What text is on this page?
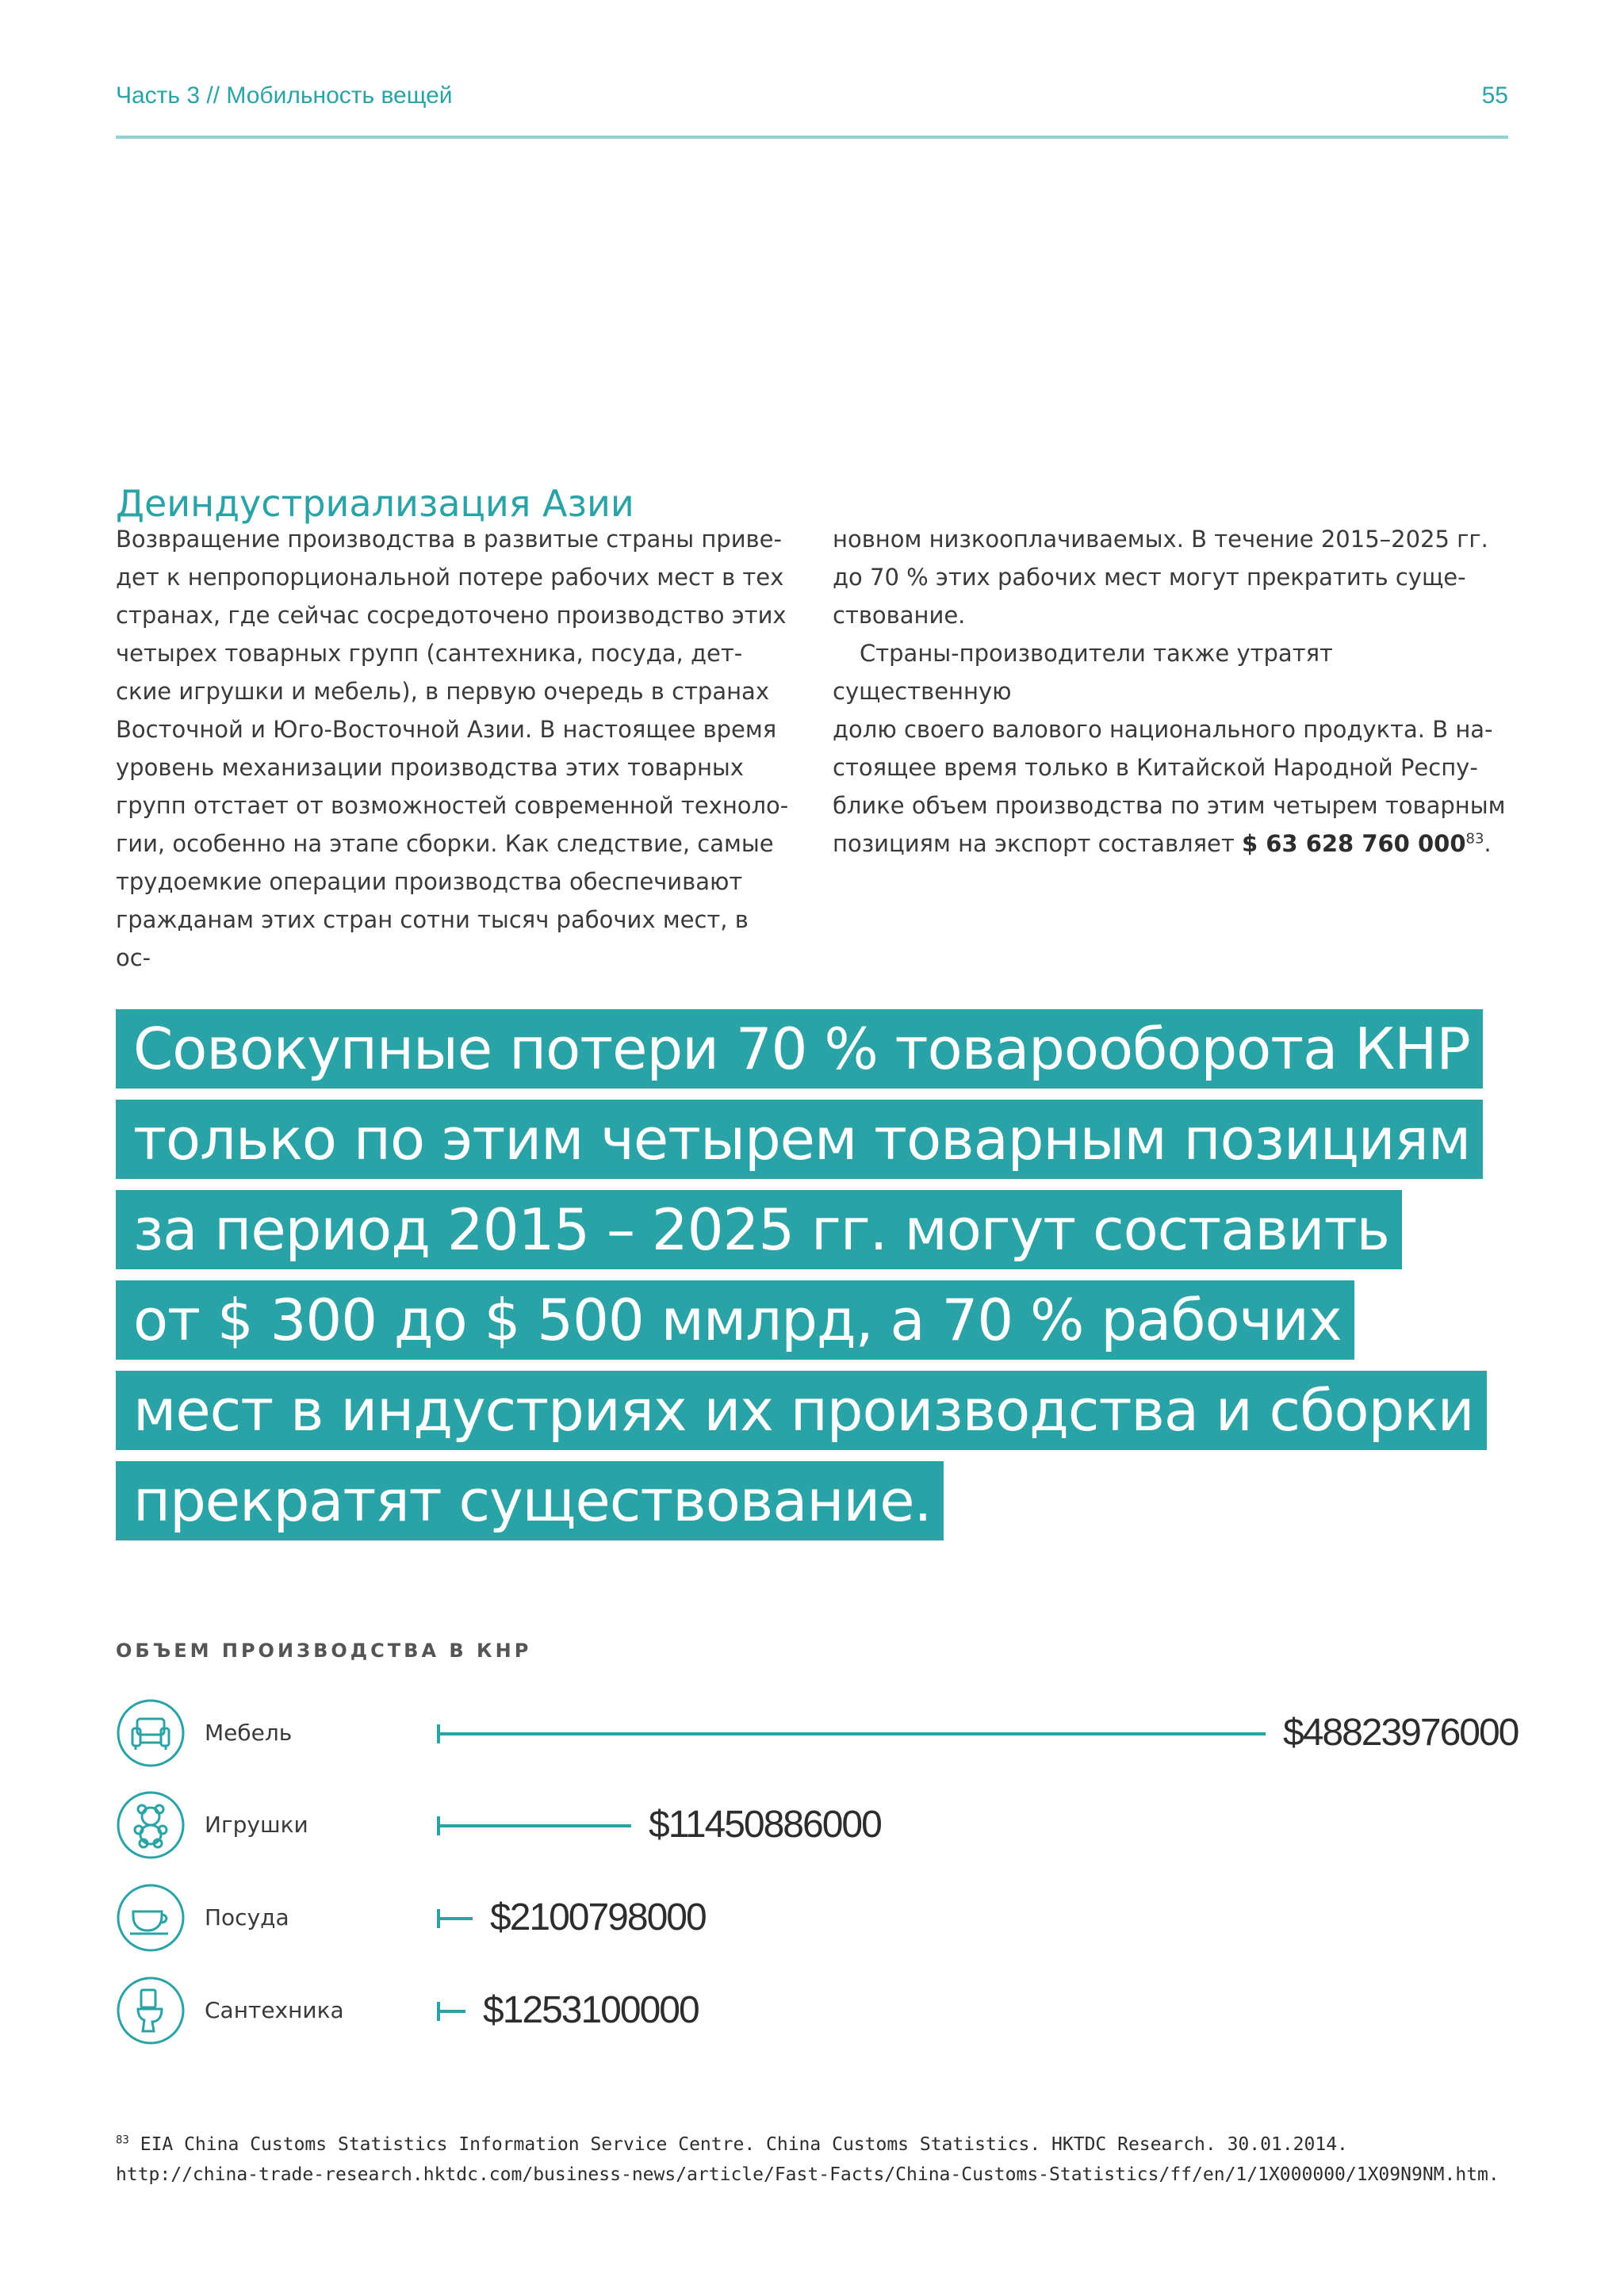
Часть 3 // Мобильность вещей	55
Деиндустриализация Азии
Возвращение производства в развитые страны приве-
дет к непропорциональной потере рабочих мест в тех
странах, где сейчас сосредоточено производство этих
четырех товарных групп (сантехника, посуда, дет-
ские игрушки и мебель), в первую очередь в странах
Восточной и Юго-Восточной Азии. В настоящее время
уровень механизации производства этих товарных
групп отстает от возможностей современной техноло-
гии, особенно на этапе сборки. Как следствие, самые
трудоемкие операции производства обеспечивают
гражданам этих стран сотни тысяч рабочих мест, в ос-
новном низкооплачиваемых. В течение 2015–2025 гг.
до 70 % этих рабочих мест могут прекратить суще-
ствование.
Страны-производители также утратят существенную
долю своего валового национального продукта. В на-
стоящее время только в Китайской Народной Респу-
блике объем производства по этим четырем товарным
позициям на экспорт составляет $ 63 628 760 $000^{83}$.
Совокупные потери 70 % товарооборота КНР
только по этим четырем товарным позициям
за период 2015 – 2025 гг. могут составить
от $ 300 до $ 500 ммлрд, а 70 % рабочих
мест в индустриях их производства и сборки
прекратят существование.
ОБЪЕМ ПРОИЗВОДСТВА В КНР
Мебель	$48823976000
Игрушки	$11450886000
Посуда	$2100798000
Сантехника	$1253100000
$^{83}$ EIA China Customs Statistics Information Service Centre. China Customs Statistics. HKTDC Research. 30.01.2014.
http://china-trade-research.hktdc.com/business-news/article/Fast-Facts/China-Customs-Statistics/ff/en/1/1X000000/1X09N9NM.htm.
